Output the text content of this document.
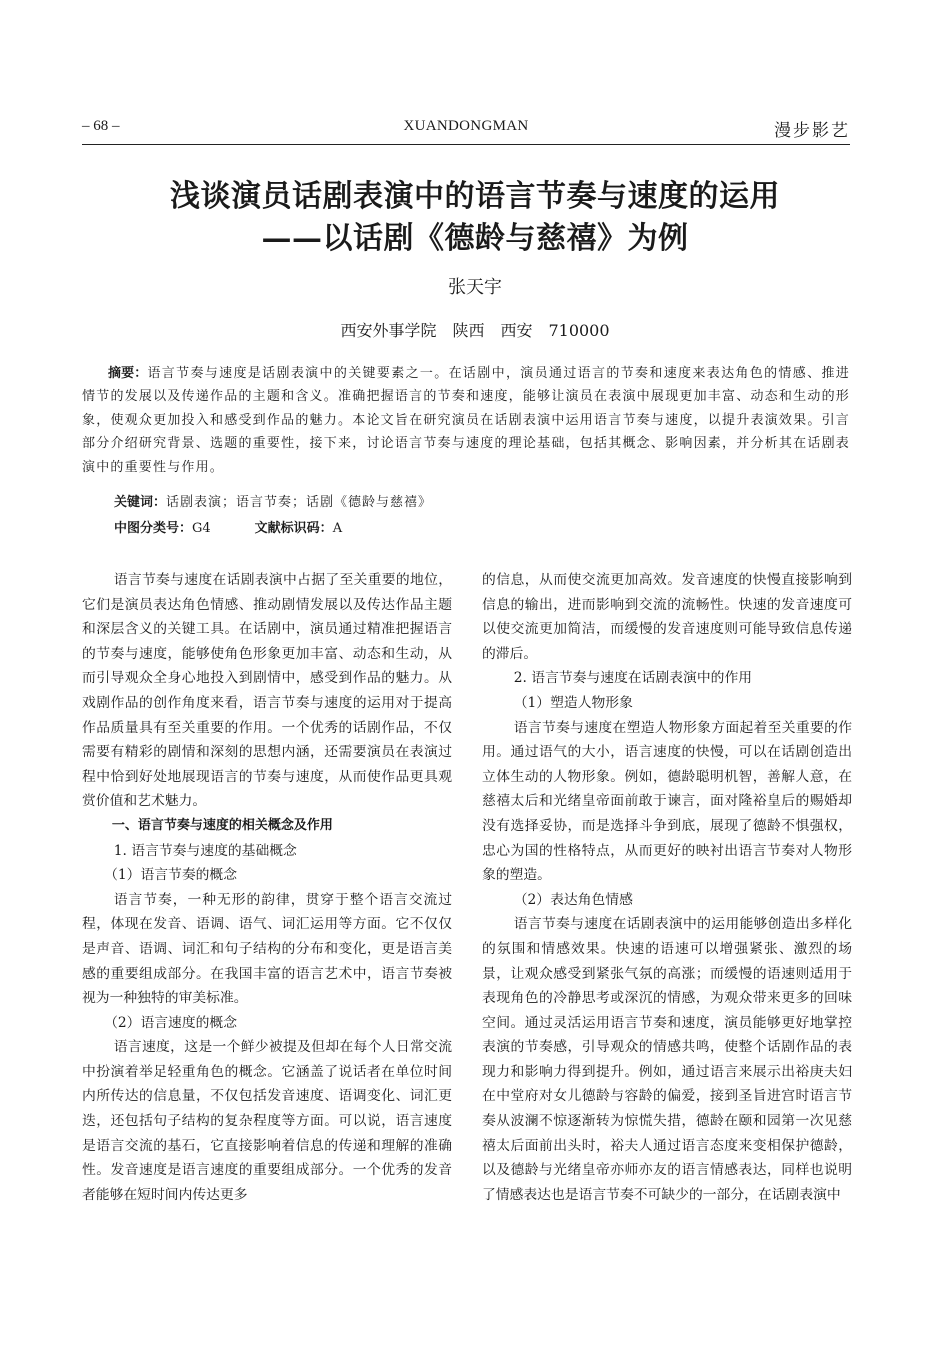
– 68 –	XUANDONGMAN	漫步影艺
浅谈演员话剧表演中的语言节奏与速度的运用
——以话剧《德龄与慈禧》为例
张天宇
西安外事学院　陕西　西安　710000
摘要：语言节奏与速度是话剧表演中的关键要素之一。在话剧中，演员通过语言的节奏和速度来表达角色的情感、推进情节的发展以及传递作品的主题和含义。准确把握语言的节奏和速度，能够让演员在表演中展现更加丰富、动态和生动的形象，使观众更加投入和感受到作品的魅力。本论文旨在研究演员在话剧表演中运用语言节奏与速度，以提升表演效果。引言部分介绍研究背景、选题的重要性，接下来，讨论语言节奏与速度的理论基础，包括其概念、影响因素，并分析其在话剧表演中的重要性与作用。
关键词：话剧表演；语言节奏；话剧《德龄与慈禧》
中图分类号：G4	文献标识码：A

语言节奏与速度在话剧表演中占据了至关重要的地位，它们是演员表达角色情感、推动剧情发展以及传达作品主题和深层含义的关键工具。在话剧中，演员通过精准把握语言的节奏与速度，能够使角色形象更加丰富、动态和生动，从而引导观众全身心地投入到剧情中，感受到作品的魅力。从戏剧作品的创作角度来看，语言节奏与速度的运用对于提高作品质量具有至关重要的作用。一个优秀的话剧作品，不仅需要有精彩的剧情和深刻的思想内涵，还需要演员在表演过程中恰到好处地展现语言的节奏与速度，从而使作品更具观赏价值和艺术魅力。

一、语言节奏与速度的相关概念及作用

1. 语言节奏与速度的基础概念

（1）语言节奏的概念

语言节奏，一种无形的韵律，贯穿于整个语言交流过程，体现在发音、语调、语气、词汇运用等方面。它不仅仅是声音、语调、词汇和句子结构的分布和变化，更是语言美感的重要组成部分。在我国丰富的语言艺术中，语言节奏被视为一种独特的审美标准。

（2）语言速度的概念

语言速度，这是一个鲜少被提及但却在每个人日常交流中扮演着举足轻重角色的概念。它涵盖了说话者在单位时间内所传达的信息量，不仅包括发音速度、语调变化、词汇更迭，还包括句子结构的复杂程度等方面。可以说，语言速度是语言交流的基石，它直接影响着信息的传递和理解的准确性。发音速度是语言速度的重要组成部分。一个优秀的发音者能够在短时间内传达更多

的信息，从而使交流更加高效。发音速度的快慢直接影响到信息的输出，进而影响到交流的流畅性。快速的发音速度可以使交流更加简洁，而缓慢的发音速度则可能导致信息传递的滞后。

2. 语言节奏与速度在话剧表演中的作用

（1）塑造人物形象

语言节奏与速度在塑造人物形象方面起着至关重要的作用。通过语气的大小，语言速度的快慢，可以在话剧创造出立体生动的人物形象。例如，德龄聪明机智，善解人意，在慈禧太后和光绪皇帝面前敢于谏言，面对隆裕皇后的赐婚却没有选择妥协，而是选择斗争到底，展现了德龄不惧强权，忠心为国的性格特点，从而更好的映衬出语言节奏对人物形象的塑造。

（2）表达角色情感

语言节奏与速度在话剧表演中的运用能够创造出多样化的氛围和情感效果。快速的语速可以增强紧张、激烈的场景，让观众感受到紧张气氛的高涨；而缓慢的语速则适用于表现角色的冷静思考或深沉的情感，为观众带来更多的回味空间。通过灵活运用语言节奏和速度，演员能够更好地掌控表演的节奏感，引导观众的情感共鸣，使整个话剧作品的表现力和影响力得到提升。例如，通过语言来展示出裕庚夫妇在中堂府对女儿德龄与容龄的偏爱，接到圣旨进宫时语言节奏从波澜不惊逐渐转为惊慌失措，德龄在颐和园第一次见慈禧太后面前出头时，裕夫人通过语言态度来变相保护德龄，以及德龄与光绪皇帝亦师亦友的语言情感表达，同样也说明了情感表达也是语言节奏不可缺少的一部分，在话剧表演中
